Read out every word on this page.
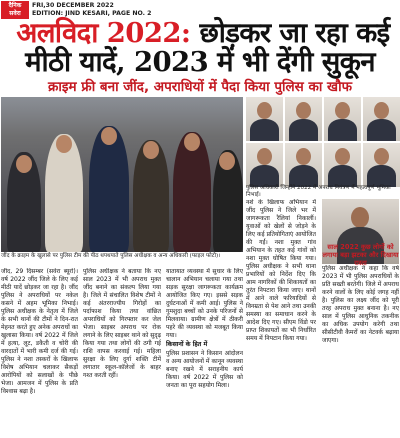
दैनिक
सवेरा
FRI,30 DECEMBER 2022
EDITION: JIND KESARI, PAGE NO. 2
अलविदा 2022: छोड़कर जा रहा कई
मीठी यादें, 2023 में भी देंगी सुकून
क्राइम फ्री बना जींद, अपराधियों में पैदा किया पुलिस का खौफ
जींद के क्राइम के खुलासे पर पुलिस टीम की पीठ थपथपाते पुलिस अधीक्षक व अन्य अधिकारी (फाइल फोटो)।
पुलिस अधिकारी जिन्होंने 2022 में अपराध नियंत्रण में महत्वपूर्ण भूमिका निभाई।
जींद, 29 दिसम्बर (सवेरा ब्यूरो)। वर्ष 2022 जींद जिले के लिए कई मीठी यादें छोड़कर जा रहा है। जींद पुलिस ने अपराधियों पर नकेल कसने में अहम भूमिका निभाई। पुलिस अधीक्षक के नेतृत्व में जिले के सभी थानों की टीमों ने दिन-रात मेहनत करते हुए अनेक अपराधों का खुलासा किया। वर्ष 2022 में जिले में हत्या, लूट, डकैती व चोरी की वारदातों में भारी कमी दर्ज की गई। पुलिस ने नशा तस्करों के खिलाफ विशेष अभियान चलाकर सैकड़ों आरोपियों को सलाखों के पीछे भेजा। आमजन में पुलिस के प्रति विश्वास बढ़ा है।
पुलिस अधीक्षक ने बताया कि नए साल 2023 में भी अपराध मुक्त जींद बनाने का संकल्प लिया गया है। जिले में संचालित विशेष टीमों ने कई अंतरराज्यीय गिरोहों का पर्दाफाश किया तथा वांछित अपराधियों को गिरफ्तार कर जेल भेजा। साइबर अपराध पर रोक लगाने के लिए साइबर थाने को सुदृढ़ किया गया तथा लोगों की ठगी गई राशि वापस करवाई गई। महिला सुरक्षा के लिए दुर्गा शक्ति टीमें लगातार स्कूल-कॉलेजों के बाहर गश्त करती रहीं।
यातायात व्यवस्था में सुधार के लिए चालान अभियान चलाया गया तथा सड़क सुरक्षा जागरूकता कार्यक्रम आयोजित किए गए। इससे सड़क दुर्घटनाओं में कमी आई। पुलिस ने गुमशुदा बच्चों को उनके परिजनों से मिलवाया। ग्रामीण क्षेत्रों में ठीकरी पहरे की व्यवस्था को मजबूत किया गया।
किसानों के हित में
पुलिस प्रशासन ने किसान आंदोलन व अन्य आयोजनों में कानून व्यवस्था बनाए रखने में सराहनीय कार्य किया। वर्ष 2022 में पुलिस को जनता का पूरा सहयोग मिला।
नशे के खिलाफ अभियान में जींद पुलिस ने जिले भर में जागरूकता रैलियां निकालीं। युवाओं को खेलों से जोड़ने के लिए कई प्रतियोगिताएं आयोजित की गईं। नशा मुक्त गांव अभियान के तहत कई गांवों को नशा मुक्त घोषित किया गया। पुलिस अधीक्षक ने सभी थाना प्रभारियों को निर्देश दिए कि आम नागरिकों की शिकायतों का तुरंत निपटारा किया जाए। थानों में आने वाले फरियादियों से विनम्रता से पेश आने तथा उनकी समस्या का समाधान करने के आदेश दिए गए। सीएम विंडो पर प्राप्त शिकायतों का भी निर्धारित समय में निपटान किया गया।
साल 2022 कुछ लोगों को लगाया बड़ा झटका और दिखाया रास्ता
पुलिस अधीक्षक ने कहा कि वर्ष 2023 में भी पुलिस अपराधियों के प्रति सख्ती बरतेगी। जिले में अपराध करने वालों के लिए कोई जगह नहीं है। पुलिस का लक्ष्य जींद को पूरी तरह अपराध मुक्त बनाना है। नए साल में पुलिस आधुनिक तकनीक का अधिक उपयोग करेगी तथा सीसीटीवी कैमरों का नेटवर्क बढ़ाया जाएगा।
